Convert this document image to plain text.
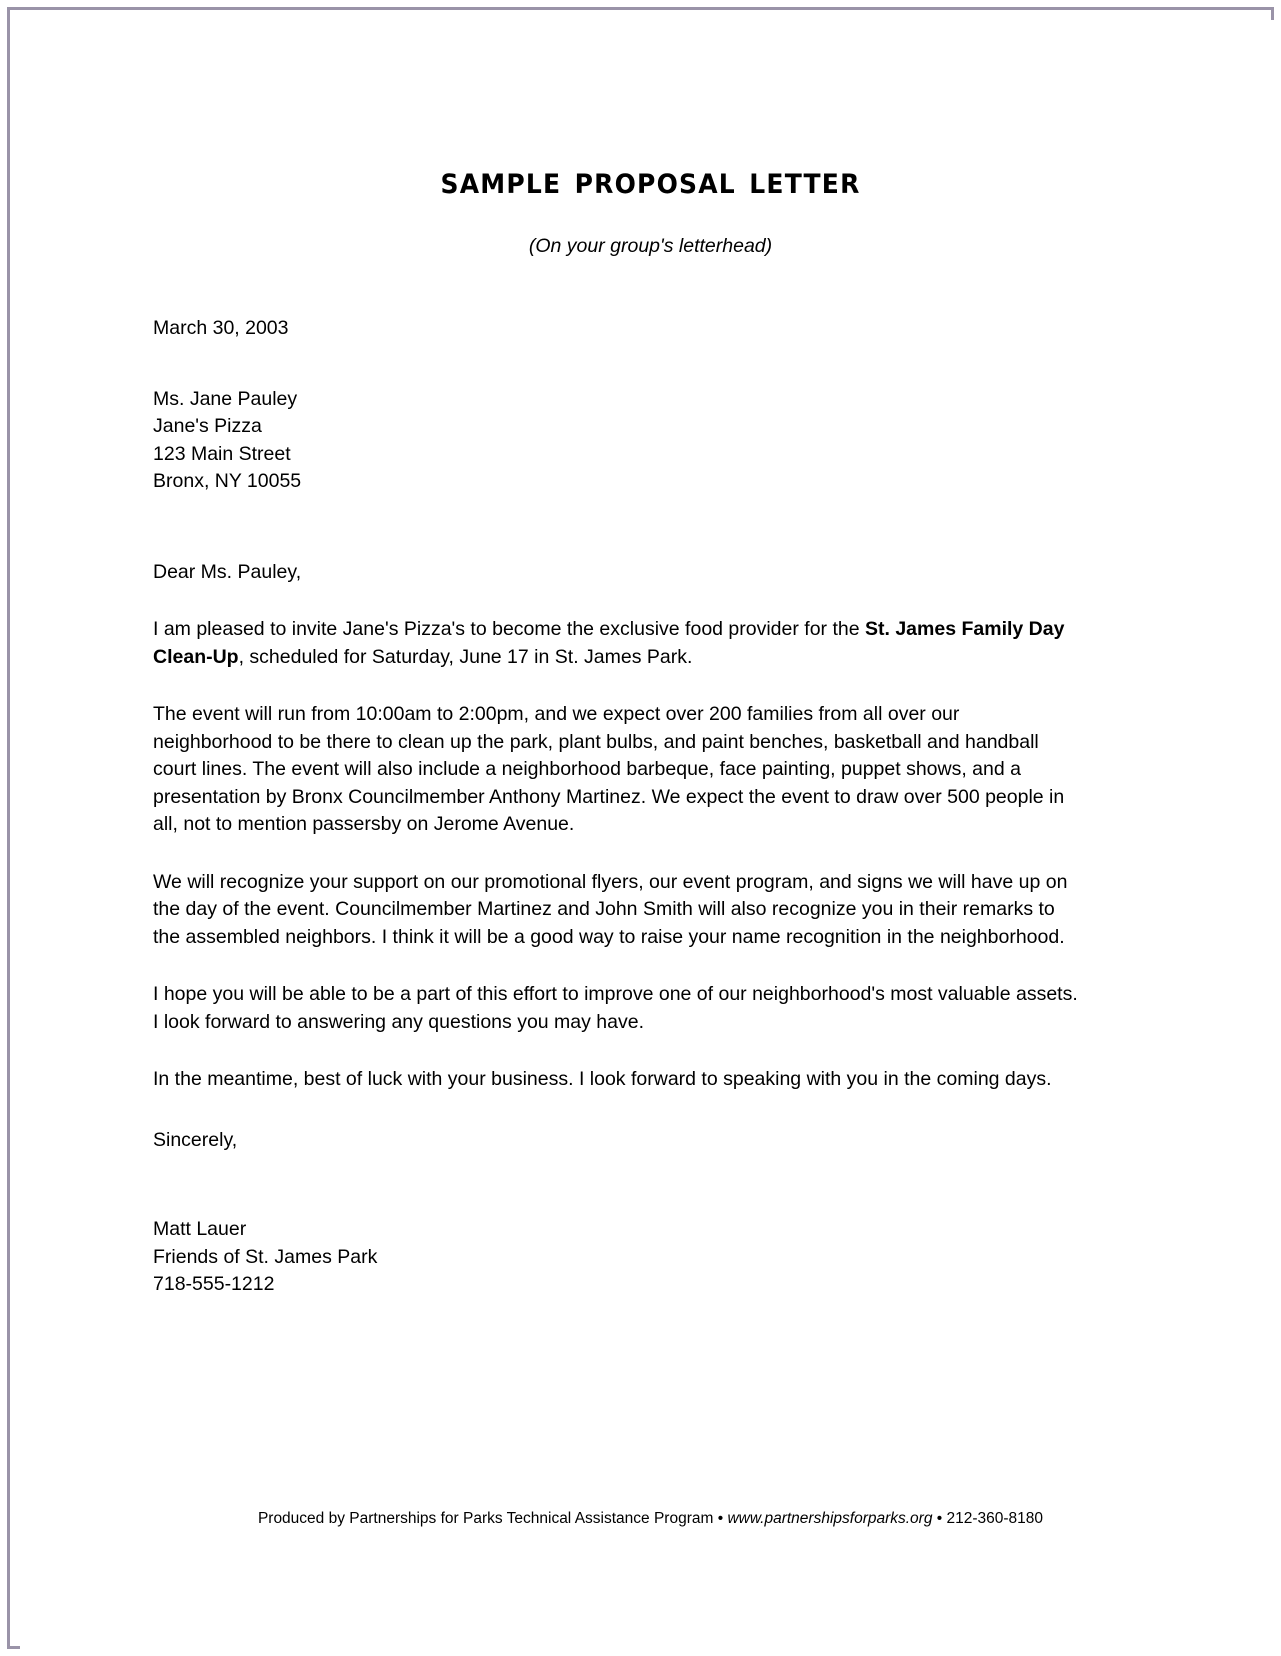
sample proposal letter
(On your group's letterhead)

March 30, 2003

Ms. Jane Pauley

Jane's Pizza

123 Main Street

Bronx, NY 10055

Dear Ms. Pauley,

I am pleased to invite Jane's Pizza's to become the exclusive food provider for the St. James Family Day Clean-Up, scheduled for Saturday, June 17 in St. James Park.

The event will run from 10:00am to 2:00pm, and we expect over 200 families from all over our neighborhood to be there to clean up the park, plant bulbs, and paint benches, basketball and handball court lines. The event will also include a neighborhood barbeque, face painting, puppet shows, and a presentation by Bronx Councilmember Anthony Martinez. We expect the event to draw over 500 people in all, not to mention passersby on Jerome Avenue.

We will recognize your support on our promotional flyers, our event program, and signs we will have up on the day of the event. Councilmember Martinez and John Smith will also recognize you in their remarks to the assembled neighbors. I think it will be a good way to raise your name recognition in the neighborhood.

I hope you will be able to be a part of this effort to improve one of our neighborhood's most valuable assets. I look forward to answering any questions you may have.

In the meantime, best of luck with your business. I look forward to speaking with you in the coming days.

Sincerely,

Matt Lauer

Friends of St. James Park

718-555-1212

Produced by Partnerships for Parks Technical Assistance Program • www.partnershipsforparks.org • 212-360-8180
